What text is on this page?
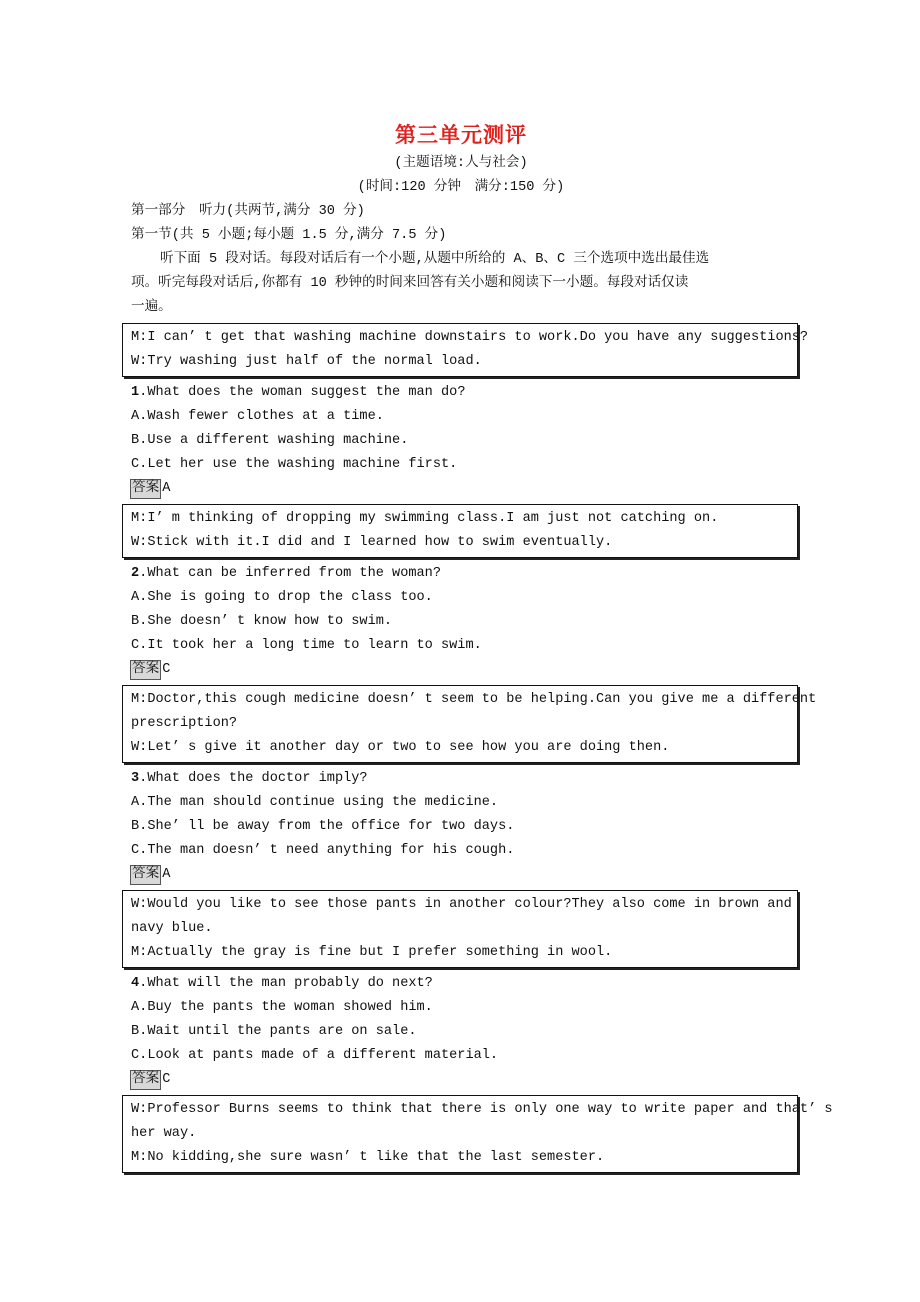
第三单元测评
(主题语境:人与社会)
(时间:120 分钟　满分:150 分)
第一部分　听力(共两节,满分 30 分)
第一节(共 5 小题;每小题 1.5 分,满分 7.5 分)
听下面 5 段对话。每段对话后有一个小题,从题中所给的 A、B、C 三个选项中选出最佳选
项。听完每段对话后,你都有 10 秒钟的时间来回答有关小题和阅读下一小题。每段对话仅读
一遍。
M:I can’ t get that washing machine downstairs to work.Do you have any suggestions?
W:Try washing just half of the normal load.
1.What does the woman suggest the man do?
A.Wash fewer clothes at a time.
B.Use a different washing machine.
C.Let her use the washing machine first.
答案 A
M:I’ m thinking of dropping my swimming class.I am just not catching on.
W:Stick with it.I did and I learned how to swim eventually.
2.What can be inferred from the woman?
A.She is going to drop the class too.
B.She doesn’ t know how to swim.
C.It took her a long time to learn to swim.
答案 C
M:Doctor,this cough medicine doesn’ t seem to be helping.Can you give me a different
prescription?
W:Let’ s give it another day or two to see how you are doing then.
3.What does the doctor imply?
A.The man should continue using the medicine.
B.She’ ll be away from the office for two days.
C.The man doesn’ t need anything for his cough.
答案 A
W:Would you like to see those pants in another colour?They also come in brown and
navy blue.
M:Actually the gray is fine but I prefer something in wool.
4.What will the man probably do next?
A.Buy the pants the woman showed him.
B.Wait until the pants are on sale.
C.Look at pants made of a different material.
答案 C
W:Professor Burns seems to think that there is only one way to write paper and that’ s
her way.
M:No kidding,she sure wasn’ t like that the last semester.
